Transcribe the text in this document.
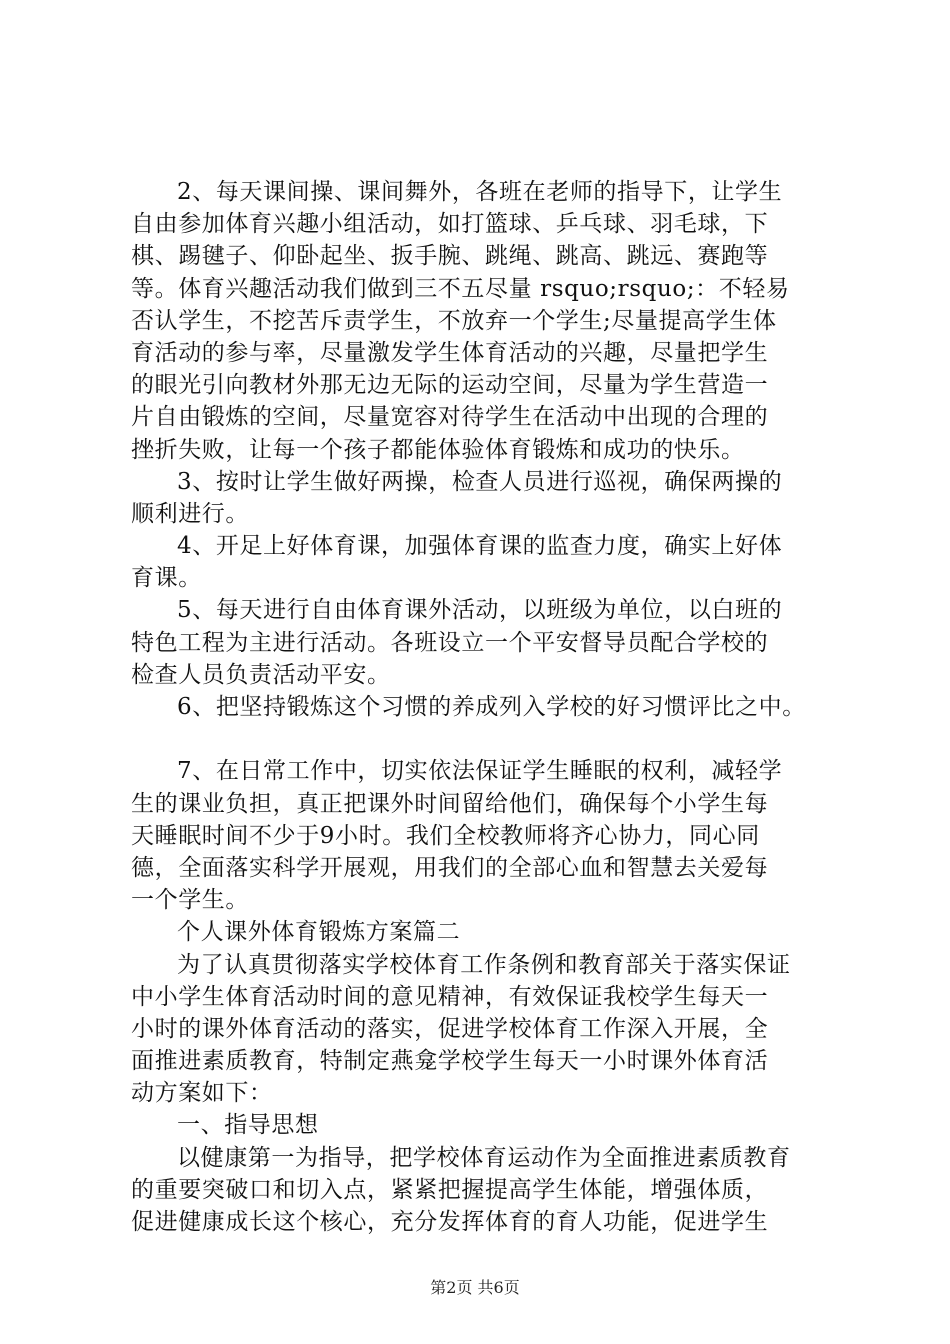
2、每天课间操、课间舞外，各班在老师的指导下，让学生
自由参加体育兴趣小组活动，如打篮球、乒乓球、羽毛球，下
棋、踢毽子、仰卧起坐、扳手腕、跳绳、跳高、跳远、赛跑等
等。体育兴趣活动我们做到三不五尽量 rsquo;rsquo;：不轻易
否认学生，不挖苦斥责学生，不放弃一个学生;尽量提高学生体
育活动的参与率，尽量激发学生体育活动的兴趣，尽量把学生
的眼光引向教材外那无边无际的运动空间，尽量为学生营造一
片自由锻炼的空间，尽量宽容对待学生在活动中出现的合理的
挫折失败，让每一个孩子都能体验体育锻炼和成功的快乐。
3、按时让学生做好两操，检查人员进行巡视，确保两操的
顺利进行。
4、开足上好体育课，加强体育课的监查力度，确实上好体
育课。
5、每天进行自由体育课外活动，以班级为单位，以白班的
特色工程为主进行活动。各班设立一个平安督导员配合学校的
检查人员负责活动平安。
6、把坚持锻炼这个习惯的养成列入学校的好习惯评比之中。
7、在日常工作中，切实依法保证学生睡眠的权利，减轻学
生的课业负担，真正把课外时间留给他们，确保每个小学生每
天睡眠时间不少于9小时。我们全校教师将齐心协力，同心同
德，全面落实科学开展观，用我们的全部心血和智慧去关爱每
一个学生。
个人课外体育锻炼方案篇二
为了认真贯彻落实学校体育工作条例和教育部关于落实保证
中小学生体育活动时间的意见精神，有效保证我校学生每天一
小时的课外体育活动的落实，促进学校体育工作深入开展，全
面推进素质教育，特制定燕龛学校学生每天一小时课外体育活
动方案如下：
一、指导思想
以健康第一为指导，把学校体育运动作为全面推进素质教育
的重要突破口和切入点，紧紧把握提高学生体能，增强体质，
促进健康成长这个核心，充分发挥体育的育人功能，促进学生
第2页 共6页
